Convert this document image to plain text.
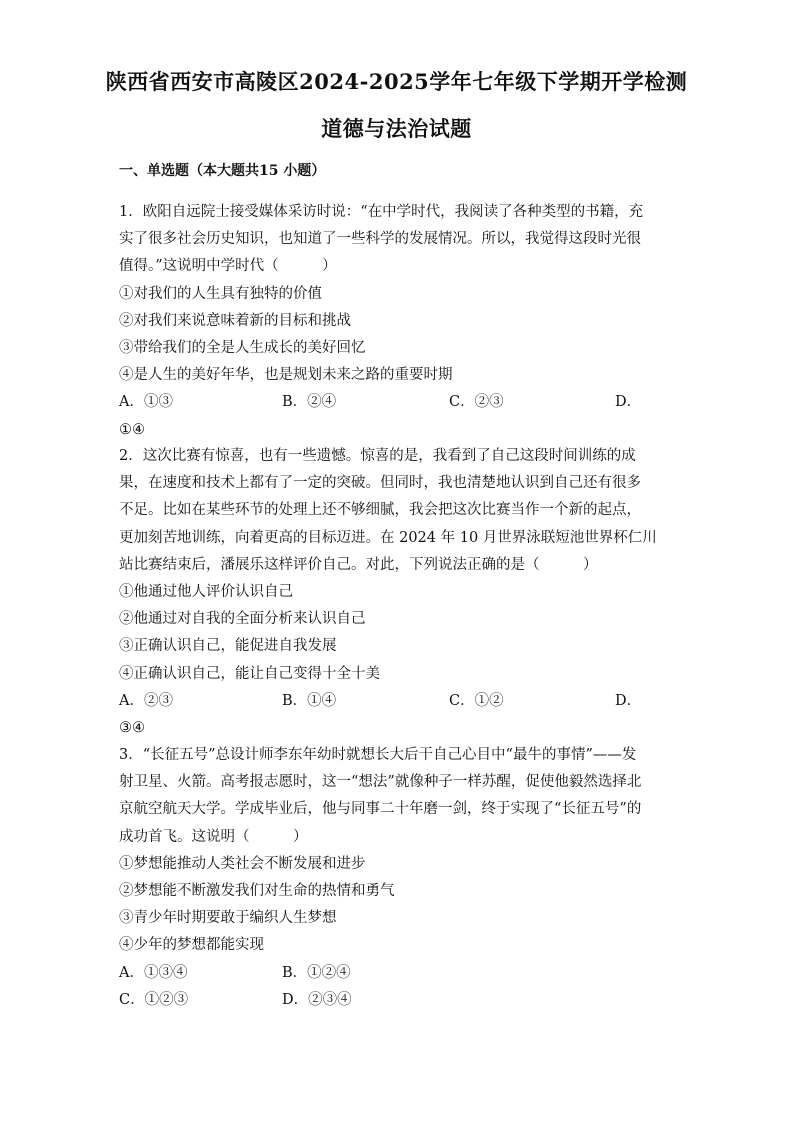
陕西省西安市高陵区2024-2025学年七年级下学期开学检测
道德与法治试题
一、单选题（本大题共15 小题）
1．欧阳自远院士接受媒体采访时说：“在中学时代，我阅读了各种类型的书籍，充
实了很多社会历史知识，也知道了一些科学的发展情况。所以，我觉得这段时光很
值得。”这说明中学时代（　　　）
①对我们的人生具有独特的价值
②对我们来说意味着新的目标和挑战
③带给我们的全是人生成长的美好回忆
④是人生的美好年华，也是规划未来之路的重要时期
A．①③	B．②④	C．②③	D．
①④
2．这次比赛有惊喜，也有一些遗憾。惊喜的是，我看到了自己这段时间训练的成
果，在速度和技术上都有了一定的突破。但同时，我也清楚地认识到自己还有很多
不足。比如在某些环节的处理上还不够细腻，我会把这次比赛当作一个新的起点，
更加刻苦地训练，向着更高的目标迈进。在 2024 年 10 月世界泳联短池世界杯仁川
站比赛结束后，潘展乐这样评价自己。对此，下列说法正确的是（　　　）
①他通过他人评价认识自己
②他通过对自我的全面分析来认识自己
③正确认识自己，能促进自我发展
④正确认识自己，能让自己变得十全十美
A．②③	B．①④	C．①②	D．
③④
3．“长征五号”总设计师李东年幼时就想长大后干自己心目中“最牛的事情”——发
射卫星、火箭。高考报志愿时，这一“想法”就像种子一样苏醒，促使他毅然选择北
京航空航天大学。学成毕业后，他与同事二十年磨一剑，终于实现了“长征五号”的
成功首飞。这说明（　　　）
①梦想能推动人类社会不断发展和进步
②梦想能不断激发我们对生命的热情和勇气
③青少年时期要敢于编织人生梦想
④少年的梦想都能实现
A．①③④	B．①②④
C．①②③	D．②③④
